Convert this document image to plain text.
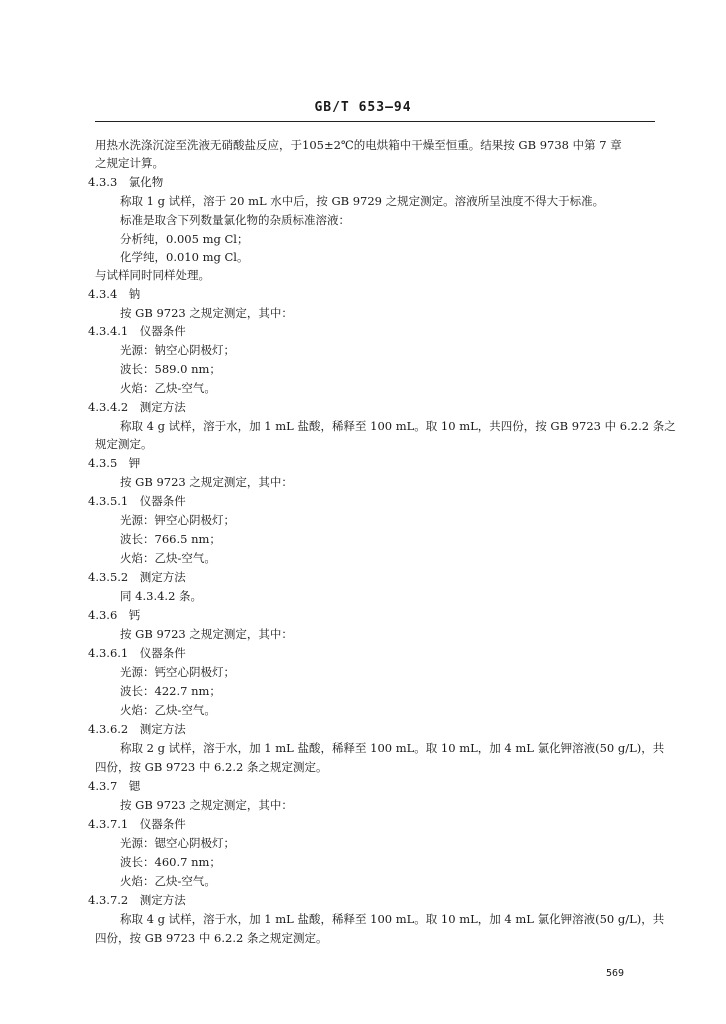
GB/T 653—94
用热水洗涤沉淀至洗液无硝酸盐反应，于105±2℃的电烘箱中干燥至恒重。结果按 GB 9738 中第 7 章
之规定计算。
4.3.3　氯化物
称取 1 g 试样，溶于 20 mL 水中后，按 GB 9729 之规定测定。溶液所呈浊度不得大于标准。
标准是取含下列数量氯化物的杂质标准溶液：
分析纯，0.005 mg Cl；
化学纯，0.010 mg Cl。
与试样同时同样处理。
4.3.4　钠
按 GB 9723 之规定测定，其中：
4.3.4.1　仪器条件
光源：钠空心阴极灯；
波长：589.0 nm；
火焰：乙炔-空气。
4.3.4.2　测定方法
称取 4 g 试样，溶于水，加 1 mL 盐酸，稀释至 100 mL。取 10 mL，共四份，按 GB 9723 中 6.2.2 条之
规定测定。
4.3.5　钾
按 GB 9723 之规定测定，其中：
4.3.5.1　仪器条件
光源：钾空心阴极灯；
波长：766.5 nm；
火焰：乙炔-空气。
4.3.5.2　测定方法
同 4.3.4.2 条。
4.3.6　钙
按 GB 9723 之规定测定，其中：
4.3.6.1　仪器条件
光源：钙空心阴极灯；
波长：422.7 nm；
火焰：乙炔-空气。
4.3.6.2　测定方法
称取 2 g 试样，溶于水，加 1 mL 盐酸，稀释至 100 mL。取 10 mL，加 4 mL 氯化钾溶液(50 g/L)，共
四份，按 GB 9723 中 6.2.2 条之规定测定。
4.3.7　锶
按 GB 9723 之规定测定，其中：
4.3.7.1　仪器条件
光源：锶空心阴极灯；
波长：460.7 nm；
火焰：乙炔-空气。
4.3.7.2　测定方法
称取 4 g 试样，溶于水，加 1 mL 盐酸，稀释至 100 mL。取 10 mL，加 4 mL 氯化钾溶液(50 g/L)，共
四份，按 GB 9723 中 6.2.2 条之规定测定。
569
